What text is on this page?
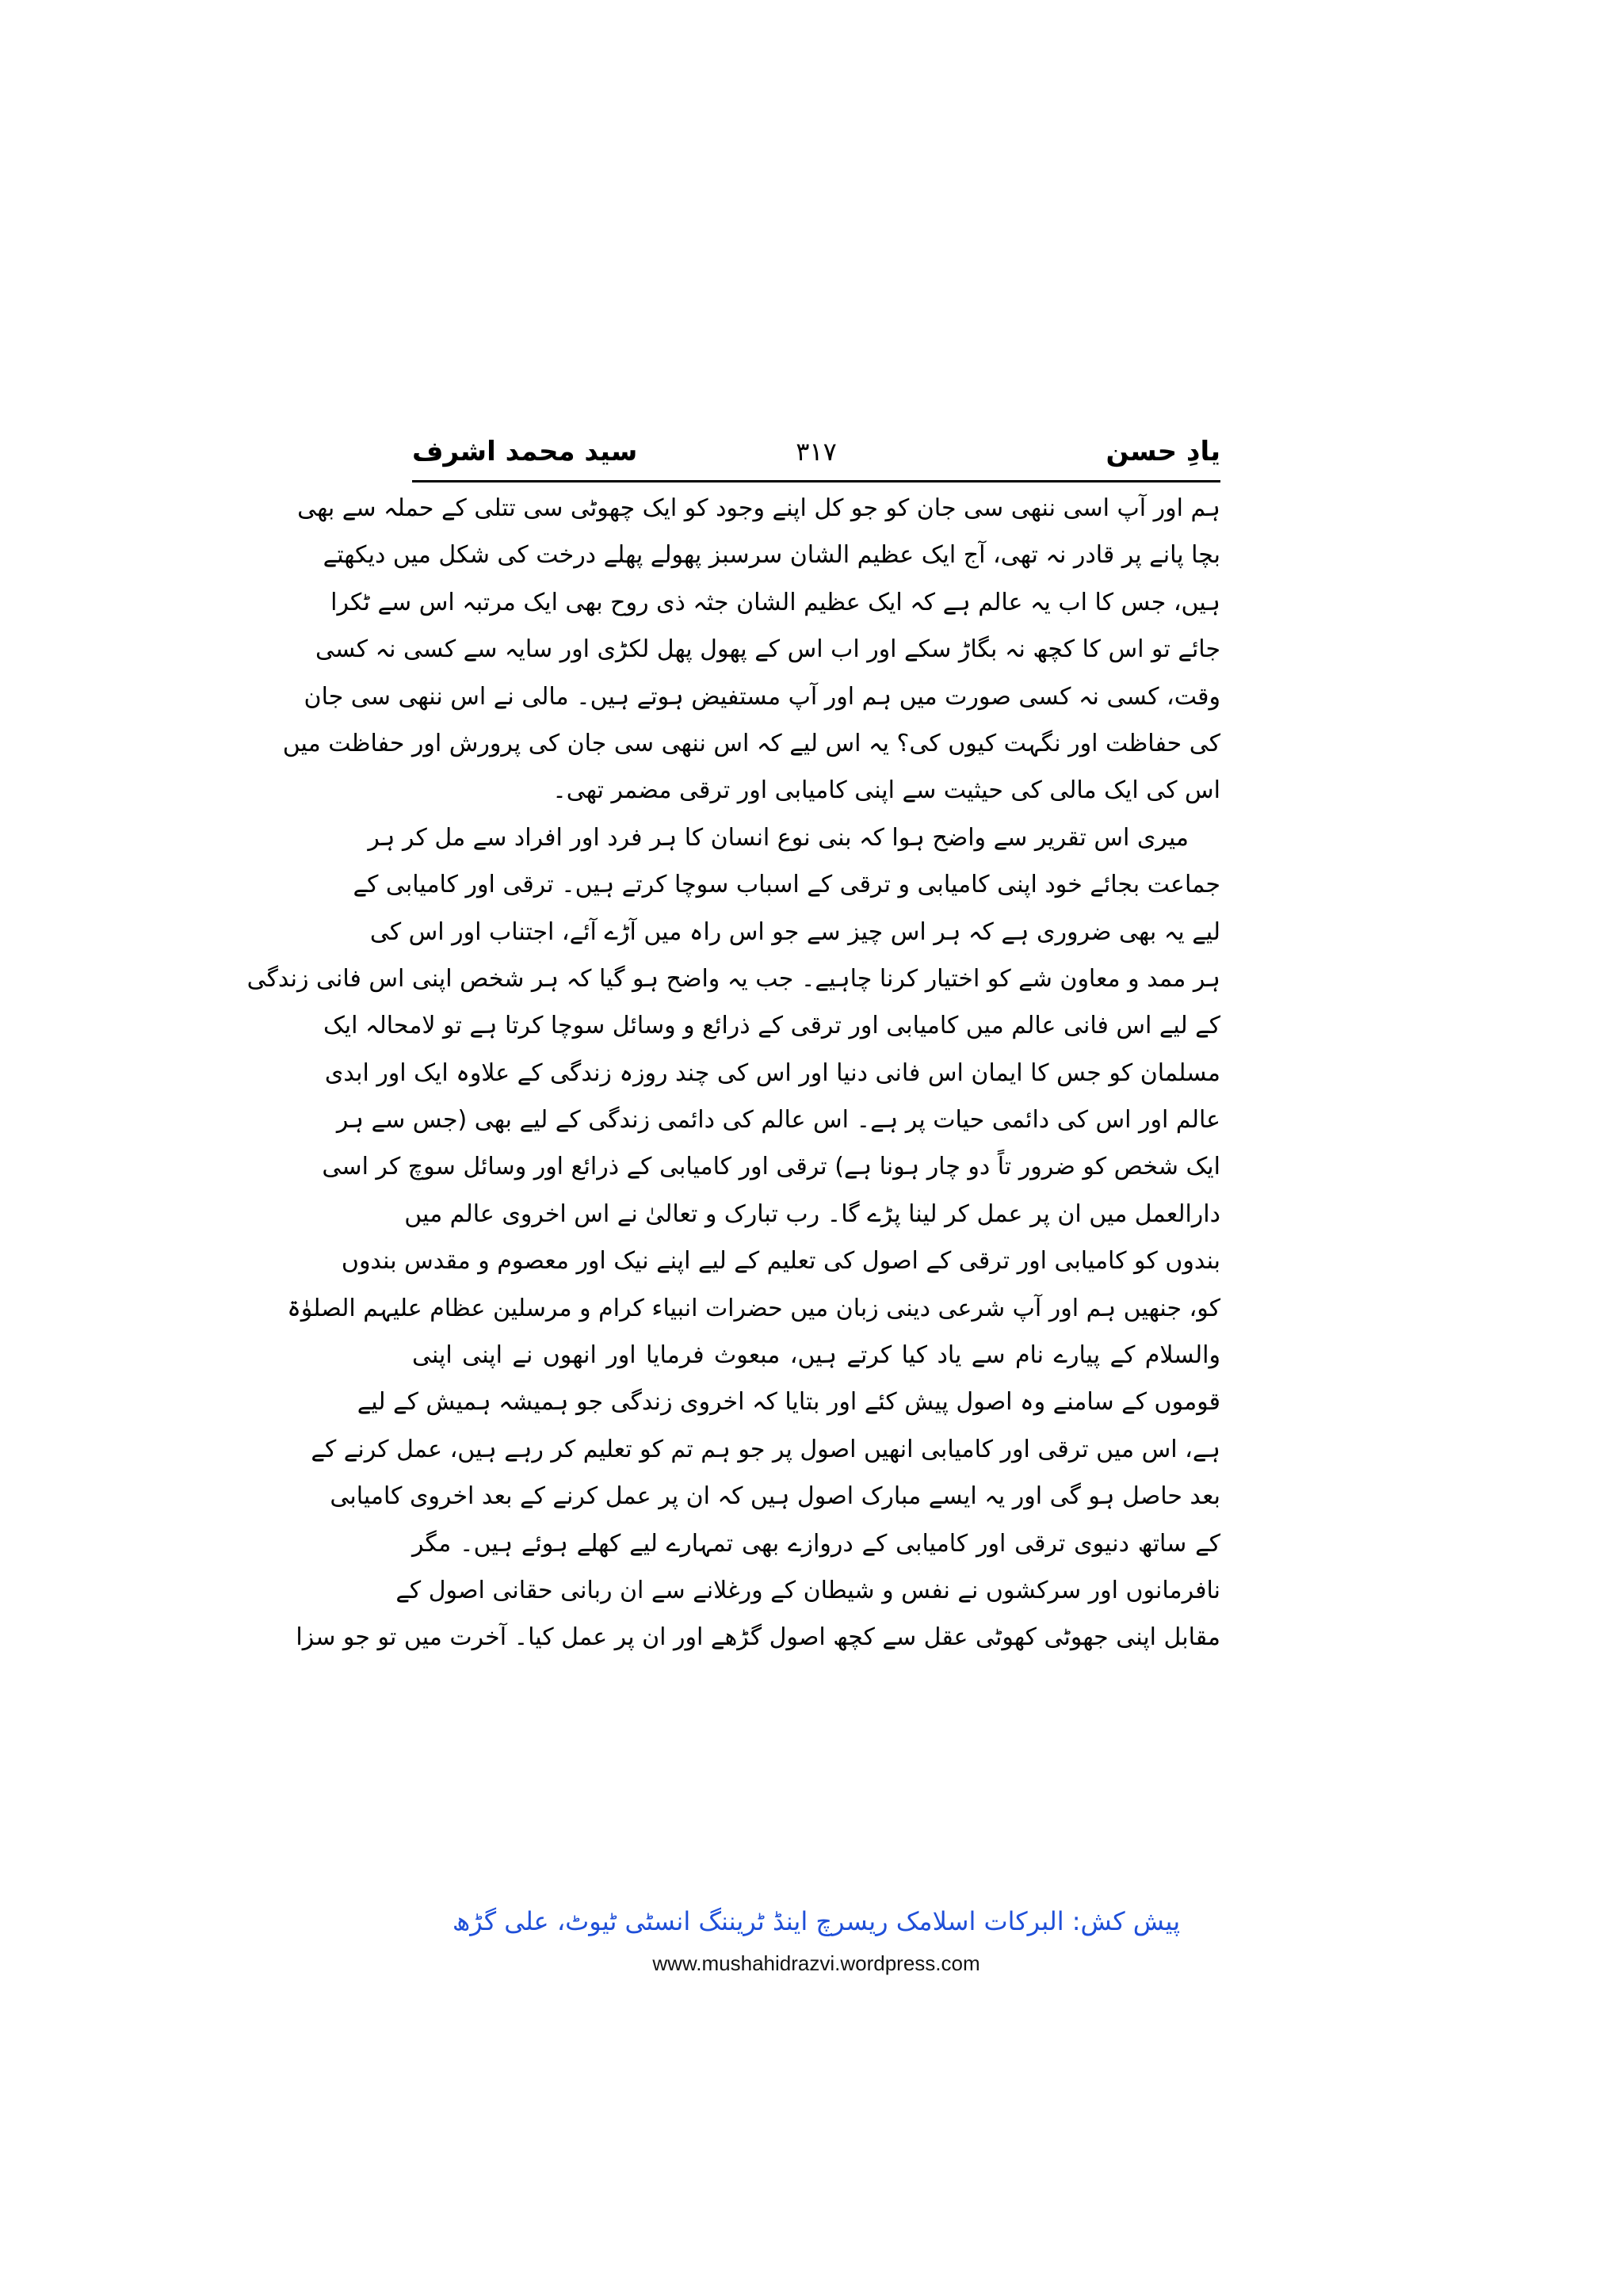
یادِ حسن
۳۱۷
سید محمد اشرف
ہم اور آپ اسی ننھی سی جان کو جو کل اپنے وجود کو ایک چھوٹی سی تتلی کے حملہ سے بھی
بچا پانے پر قادر نہ تھی، آج ایک عظیم الشان سرسبز پھولے پھلے درخت کی شکل میں دیکھتے
ہیں، جس کا اب یہ عالم ہے کہ ایک عظیم الشان جثہ ذی روح بھی ایک مرتبہ اس سے ٹکرا
جائے تو اس کا کچھ نہ بگاڑ سکے اور اب اس کے پھول پھل لکڑی اور سایہ سے کسی نہ کسی
وقت، کسی نہ کسی صورت میں ہم اور آپ مستفیض ہوتے ہیں۔ مالی نے اس ننھی سی جان
کی حفاظت اور نگہت کیوں کی؟ یہ اس لیے کہ اس ننھی سی جان کی پرورش اور حفاظت میں
اس کی ایک مالی کی حیثیت سے اپنی کامیابی اور ترقی مضمر تھی۔
میری اس تقریر سے واضح ہوا کہ بنی نوع انسان کا ہر فرد اور افراد سے مل کر ہر
جماعت بجائے خود اپنی کامیابی و ترقی کے اسباب سوچا کرتے ہیں۔ ترقی اور کامیابی کے
لیے یہ بھی ضروری ہے کہ ہر اس چیز سے جو اس راہ میں آڑے آئے، اجتناب اور اس کی
ہر ممد و معاون شے کو اختیار کرنا چاہیے۔ جب یہ واضح ہو گیا کہ ہر شخص اپنی اس فانی زندگی
کے لیے اس فانی عالم میں کامیابی اور ترقی کے ذرائع و وسائل سوچا کرتا ہے تو لامحالہ ایک
مسلمان کو جس کا ایمان اس فانی دنیا اور اس کی چند روزہ زندگی کے علاوہ ایک اور ابدی
عالم اور اس کی دائمی حیات پر ہے۔ اس عالم کی دائمی زندگی کے لیے بھی (جس سے ہر
ایک شخص کو ضرور تاً دو چار ہونا ہے) ترقی اور کامیابی کے ذرائع اور وسائل سوچ کر اسی
دارالعمل میں ان پر عمل کر لینا پڑے گا۔ رب تبارک و تعالیٰ نے اس اخروی عالم میں
بندوں کو کامیابی اور ترقی کے اصول کی تعلیم کے لیے اپنے نیک اور معصوم و مقدس بندوں
کو، جنھیں ہم اور آپ شرعی دینی زبان میں حضرات انبیاء کرام و مرسلین عظام علیہم الصلوٰۃ
والسلام کے پیارے نام سے یاد کیا کرتے ہیں، مبعوث فرمایا اور انھوں نے اپنی اپنی
قوموں کے سامنے وہ اصول پیش کئے اور بتایا کہ اخروی زندگی جو ہمیشہ ہمیش کے لیے
ہے، اس میں ترقی اور کامیابی انھیں اصول پر جو ہم تم کو تعلیم کر رہے ہیں، عمل کرنے کے
بعد حاصل ہو گی اور یہ ایسے مبارک اصول ہیں کہ ان پر عمل کرنے کے بعد اخروی کامیابی
کے ساتھ دنیوی ترقی اور کامیابی کے دروازے بھی تمہارے لیے کھلے ہوئے ہیں۔ مگر
نافرمانوں اور سرکشوں نے نفس و شیطان کے ورغلانے سے ان ربانی حقانی اصول کے
مقابل اپنی جھوٹی کھوٹی عقل سے کچھ اصول گڑھے اور ان پر عمل کیا۔ آخرت میں تو جو سزا
پیش کش: البرکات اسلامک ریسرچ اینڈ ٹریننگ انسٹی ٹیوٹ، علی گڑھ
www.mushahidrazvi.wordpress.com
